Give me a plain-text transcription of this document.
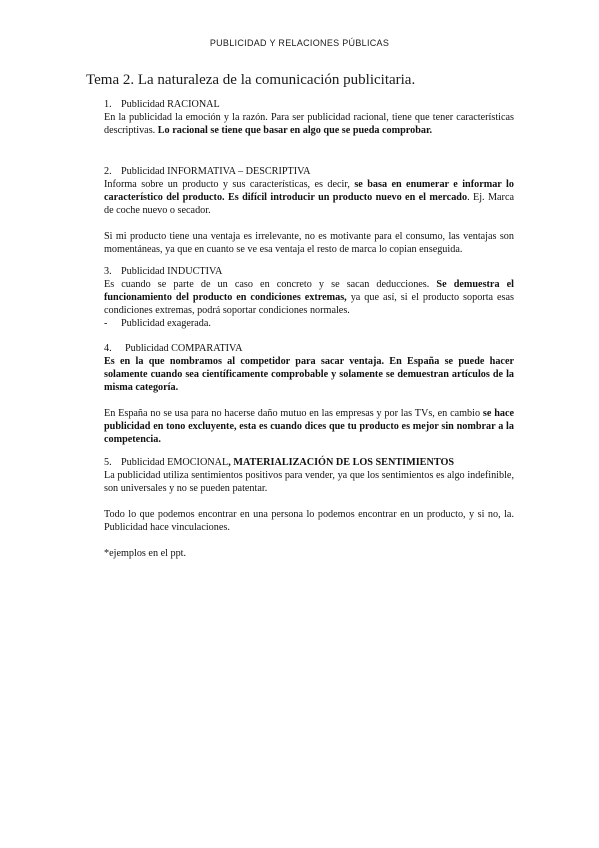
PUBLICIDAD Y RELACIONES PÚBLICAS
Tema 2. La naturaleza de la comunicación publicitaria.
1. Publicidad RACIONAL

En la publicidad la emoción y la razón. Para ser publicidad racional, tiene que tener características descriptivas. Lo racional se tiene que basar en algo que se pueda comprobar.

2. Publicidad INFORMATIVA – DESCRIPTIVA

Informa sobre un producto y sus características, es decir, se basa en enumerar e informar lo característico del producto. Es difícil introducir un producto nuevo en el mercado. Ej. Marca de coche nuevo o secador.

Si mi producto tiene una ventaja es irrelevante, no es motivante para el consumo, las ventajas son momentáneas, ya que en cuanto se ve esa ventaja el resto de marca lo copian enseguida.

3. Publicidad INDUCTIVA

Es cuando se parte de un caso en concreto y se sacan deducciones. Se demuestra el funcionamiento del producto en condiciones extremas, ya que así, si el producto soporta esas condiciones extremas, podrá soportar condiciones normales.

- Publicidad exagerada.

4. Publicidad COMPARATIVA

Es en la que nombramos al competidor para sacar ventaja. En España se puede hacer solamente cuando sea científicamente comprobable y solamente se demuestran artículos de la misma categoría.

En España no se usa para no hacerse daño mutuo en las empresas y por las TVs, en cambio se hace publicidad en tono excluyente, esta es cuando dices que tu producto es mejor sin nombrar a la competencia.

5. Publicidad EMOCIONAL, MATERIALIZACIÓN DE LOS SENTIMIENTOS

La publicidad utiliza sentimientos positivos para vender, ya que los sentimientos es algo indefinible, son universales y no se pueden patentar.

Todo lo que podemos encontrar en una persona lo podemos encontrar en un producto, y si no, la. Publicidad hace vinculaciones.

*ejemplos en el ppt.
